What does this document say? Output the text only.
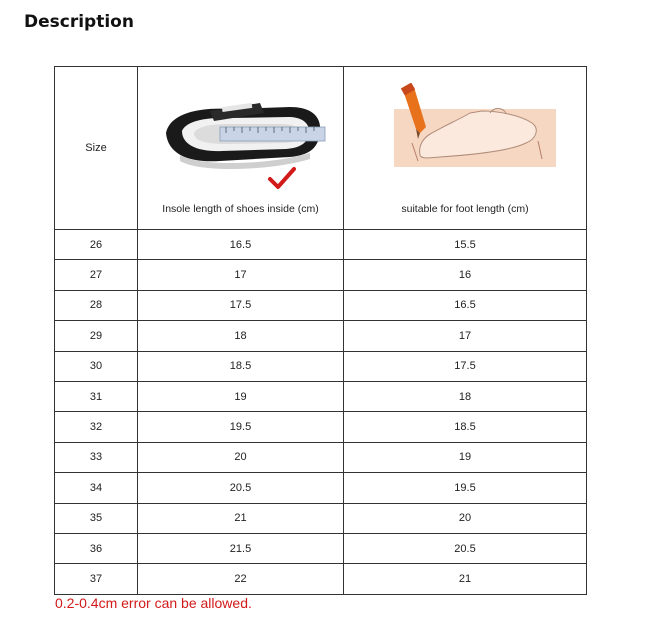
Description
Size	Insole length of shoes inside (cm)	suitable for foot length (cm)

26	16.5	15.5
27	17	16
28	17.5	16.5
29	18	17
30	18.5	17.5
31	19	18
32	19.5	18.5
33	20	19
34	20.5	19.5
35	21	20
36	21.5	20.5
37	22	21
0.2-0.4cm error can be allowed.
